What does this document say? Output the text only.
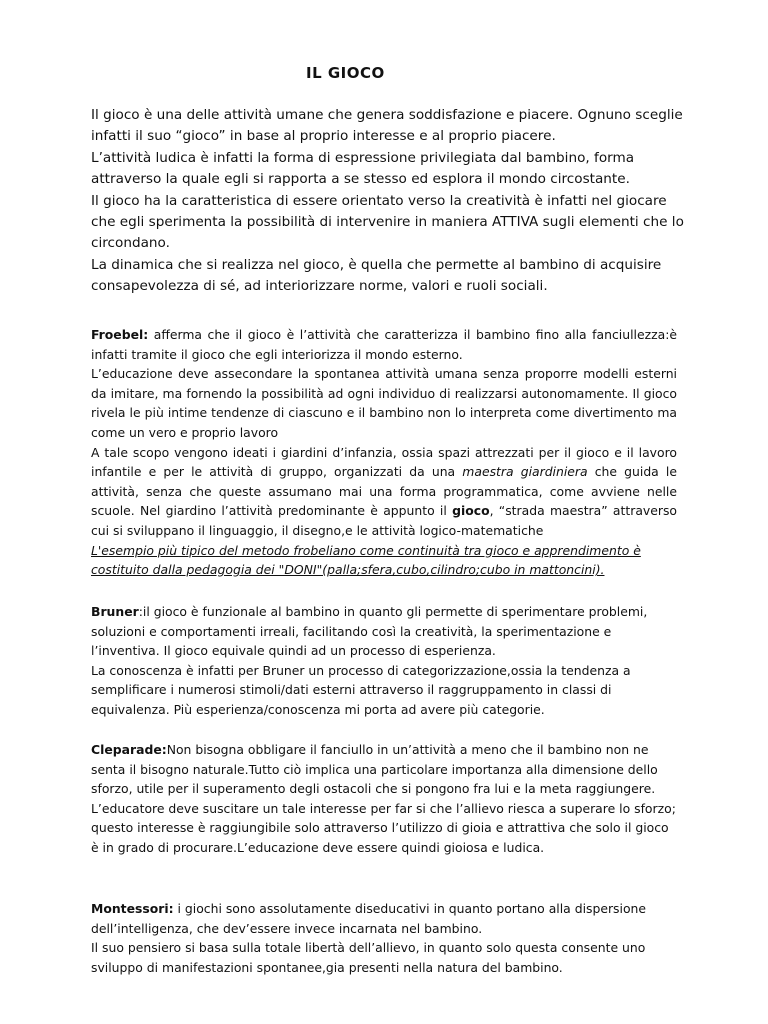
IL GIOCO

Il gioco è una delle attività umane che genera soddisfazione e piacere. Ognuno sceglie infatti il suo “gioco” in base al proprio interesse e al proprio piacere.

L’attività ludica è infatti la forma di espressione privilegiata dal bambino, forma attraverso la quale egli si rapporta a se stesso ed esplora il mondo circostante.

Il gioco ha la caratteristica di essere orientato verso la creatività è infatti nel giocare che egli sperimenta la possibilità di intervenire in maniera ATTIVA sugli elementi che lo circondano.

La dinamica che si realizza nel gioco, è quella che permette al bambino di acquisire consapevolezza di sé, ad interiorizzare norme, valori e ruoli sociali.

Froebel: afferma che il gioco è l’attività che caratterizza il bambino fino alla fanciullezza:è infatti tramite il gioco che egli interiorizza il mondo esterno.

L’educazione deve assecondare la spontanea attività umana senza proporre modelli esterni da imitare, ma fornendo la possibilità ad ogni individuo di realizzarsi autonomamente. Il gioco rivela le più intime tendenze di ciascuno e il bambino non lo interpreta come divertimento ma come un vero e proprio lavoro

A tale scopo vengono ideati i giardini d’infanzia, ossia spazi attrezzati per il gioco e il lavoro infantile e per le attività di gruppo, organizzati da una maestra giardiniera che guida le attività, senza che queste assumano mai una forma programmatica, come avviene nelle scuole. Nel giardino l’attività predominante è appunto il gioco, “strada maestra” attraverso cui si sviluppano il linguaggio, il disegno,e le attività logico-matematiche

L'esempio più tipico del metodo frobeliano come continuità tra gioco e apprendimento è
costituito dalla pedagogia dei "DONI"(palla;sfera,cubo,cilindro;cubo in mattoncini).

Bruner:il gioco è funzionale al bambino in quanto gli permette di sperimentare problemi, soluzioni e comportamenti irreali, facilitando così la creatività, la sperimentazione e l’inventiva. Il gioco equivale quindi ad un processo di esperienza.

La conoscenza è infatti per Bruner un processo di categorizzazione,ossia la tendenza a semplificare i numerosi stimoli/dati esterni attraverso il raggruppamento in classi di equivalenza. Più esperienza/conoscenza mi porta ad avere più categorie.

Cleparade:Non bisogna obbligare il fanciullo in un’attività a meno che il bambino non ne senta il bisogno naturale.Tutto ciò implica una particolare importanza alla dimensione dello sforzo, utile per il superamento degli ostacoli che si pongono fra lui e la meta raggiungere.

L’educatore deve suscitare un tale interesse per far si che l’allievo riesca a superare lo sforzo; questo interesse è raggiungibile solo attraverso l’utilizzo di gioia e attrattiva che solo il gioco è in grado di procurare.L’educazione deve essere quindi gioiosa e ludica.

Montessori: i giochi sono assolutamente diseducativi in quanto portano alla dispersione dell’intelligenza, che dev’essere invece incarnata nel bambino.

Il suo pensiero si basa sulla totale libertà dell’allievo, in quanto solo questa consente uno sviluppo di manifestazioni spontanee,gia presenti nella natura del bambino.
